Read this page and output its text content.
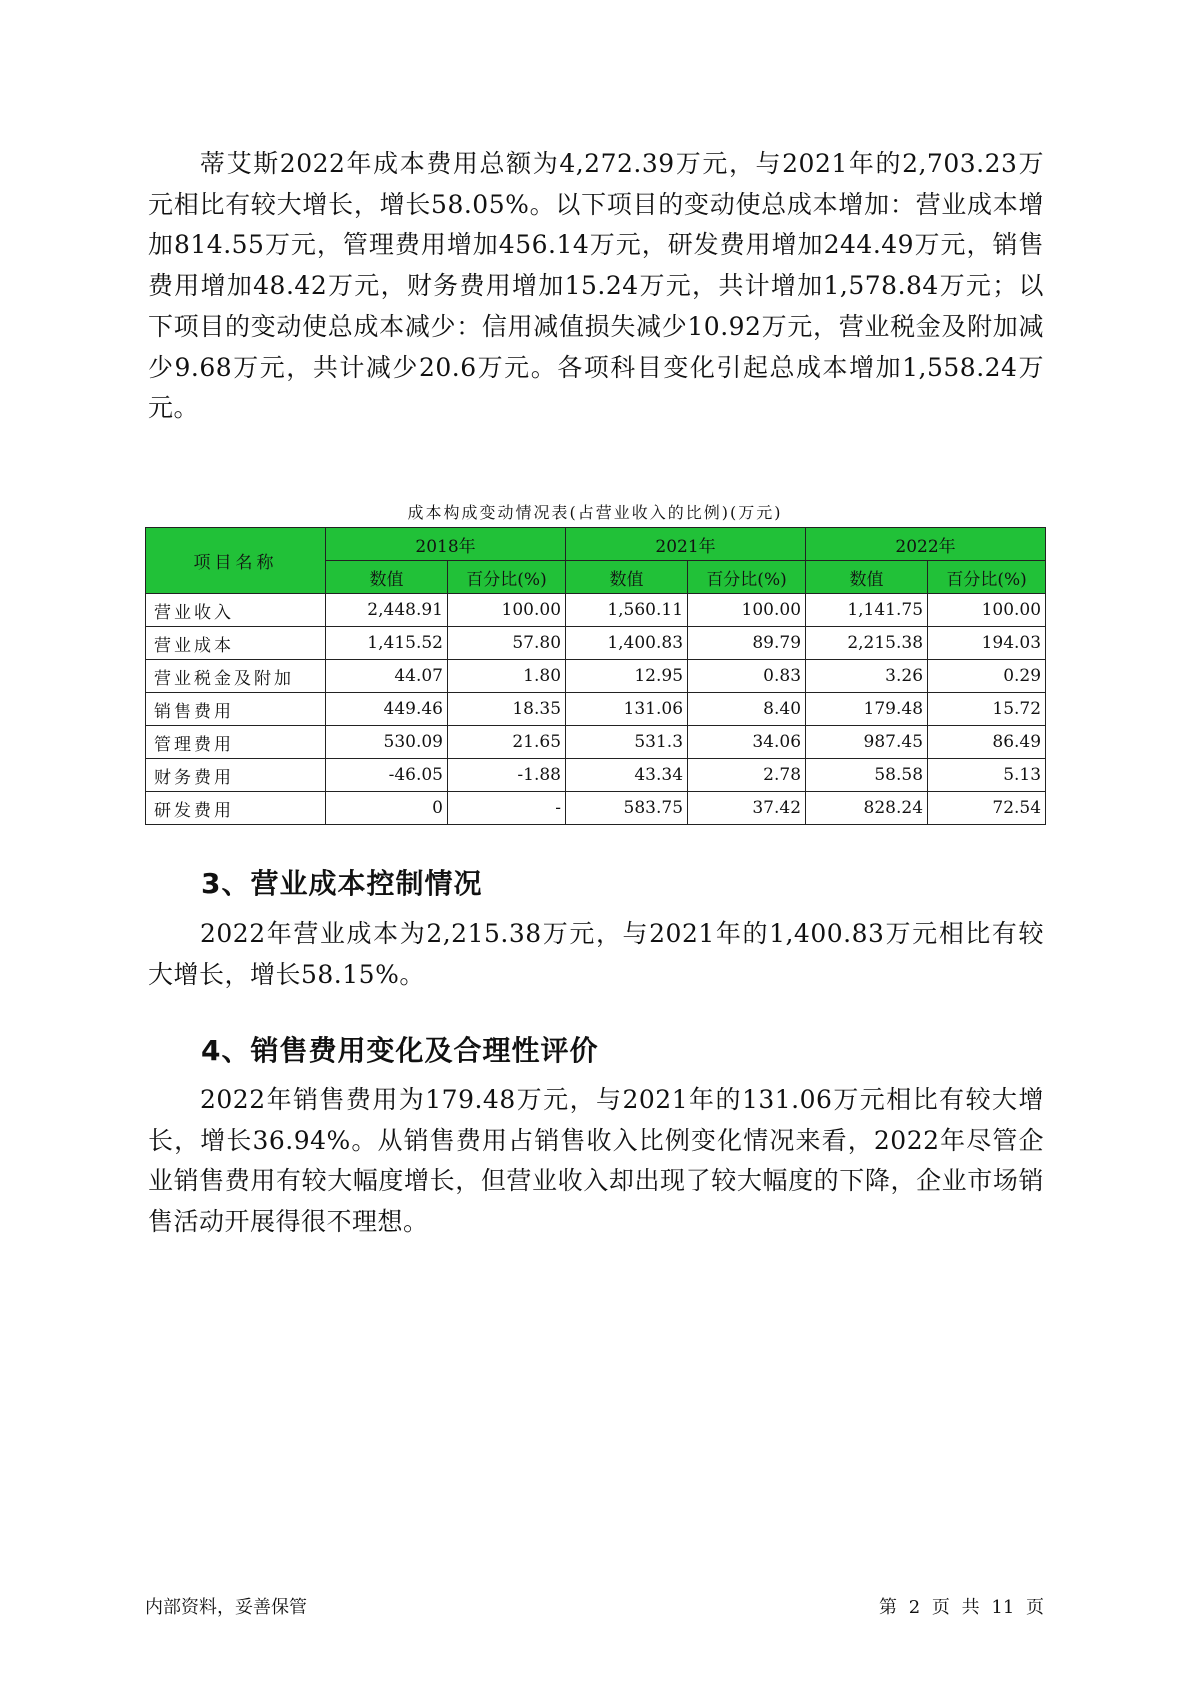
蒂艾斯2022年成本费用总额为4,272.39万元，与2021年的2,703.23万元相比有较大增长，增长58.05%。以下项目的变动使总成本增加：营业成本增加814.55万元，管理费用增加456.14万元，研发费用增加244.49万元，销售费用增加48.42万元，财务费用增加15.24万元，共计增加1,578.84万元；以下项目的变动使总成本减少：信用减值损失减少10.92万元，营业税金及附加减少9.68万元，共计减少20.6万元。各项科目变化引起总成本增加1,558.24万元。

成本构成变动情况表(占营业收入的比例)(万元)
项目名称	2018年		2021年		2022年	
	数值	百分比(%)	数值	百分比(%)	数值	百分比(%)
营业收入	2,448.91	100.00	1,560.11	100.00	1,141.75	100.00
营业成本	1,415.52	57.80	1,400.83	89.79	2,215.38	194.03
营业税金及附加	44.07	1.80	12.95	0.83	3.26	0.29
销售费用	449.46	18.35	131.06	8.40	179.48	15.72
管理费用	530.09	21.65	531.3	34.06	987.45	86.49
财务费用	-46.05	-1.88	43.34	2.78	58.58	5.13
研发费用	0	-	583.75	37.42	828.24	72.54
3、营业成本控制情况

2022年营业成本为2,215.38万元，与2021年的1,400.83万元相比有较大增长，增长58.15%。

4、销售费用变化及合理性评价

2022年销售费用为179.48万元，与2021年的131.06万元相比有较大增长，增长36.94%。从销售费用占销售收入比例变化情况来看，2022年尽管企业销售费用有较大幅度增长，但营业收入却出现了较大幅度的下降，企业市场销售活动开展得很不理想。

内部资料，妥善保管	第 2 页 共 11 页
